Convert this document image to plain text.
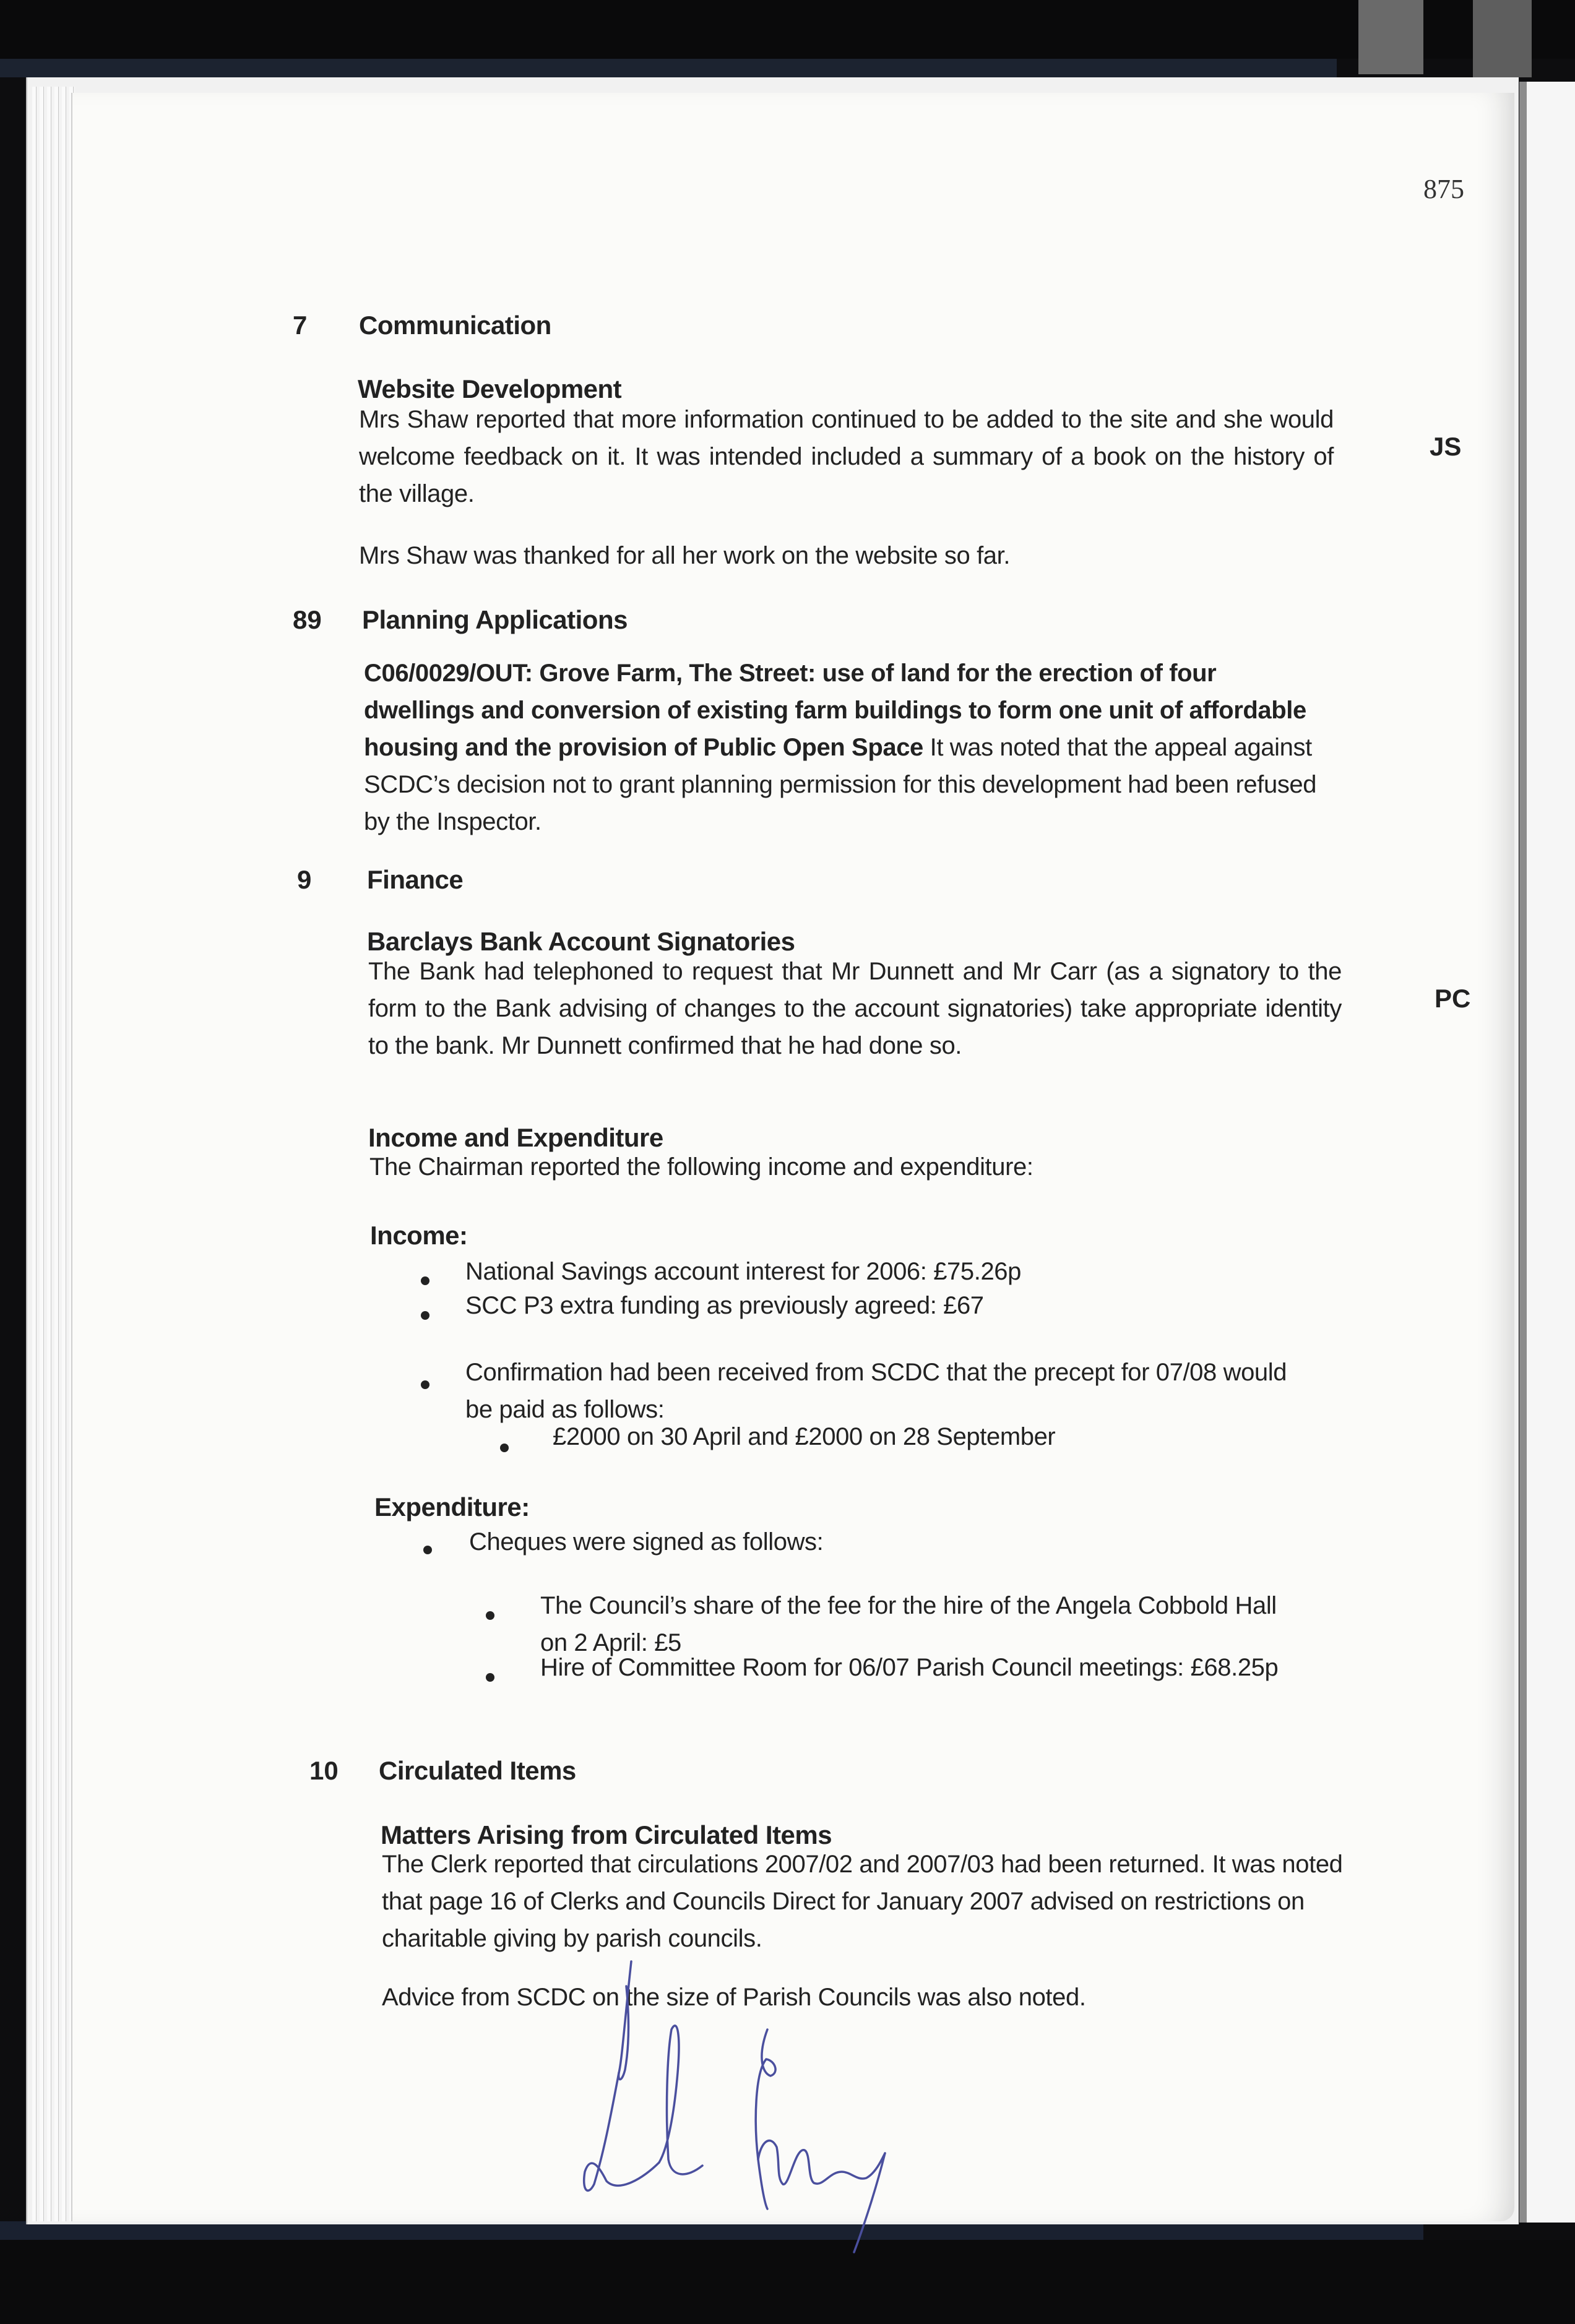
875
7 Communication
Website Development
Mrs Shaw reported that more information continued to be added to the site and she would welcome feedback on it. It was intended included a summary of a book on the history of the village.
JS
Mrs Shaw was thanked for all her work on the website so far.
89 Planning Applications
C06/0029/OUT: Grove Farm, The Street: use of land for the erection of four dwellings and conversion of existing farm buildings to form one unit of affordable housing and the provision of Public Open Space It was noted that the appeal against SCDC’s decision not to grant planning permission for this development had been refused by the Inspector.
9 Finance
Barclays Bank Account Signatories
The Bank had telephoned to request that Mr Dunnett and Mr Carr (as a signatory to the form to the Bank advising of changes to the account signatories) take appropriate identity to the bank. Mr Dunnett confirmed that he had done so.
PC
Income and Expenditure
The Chairman reported the following income and expenditure:
Income:
National Savings account interest for 2006: £75.26p
SCC P3 extra funding as previously agreed: £67
Confirmation had been received from SCDC that the precept for 07/08 would be paid as follows:
£2000 on 30 April and £2000 on 28 September
Expenditure:
Cheques were signed as follows:
The Council’s share of the fee for the hire of the Angela Cobbold Hall on 2 April: £5
Hire of Committee Room for 06/07 Parish Council meetings: £68.25p
10 Circulated Items
Matters Arising from Circulated Items
The Clerk reported that circulations 2007/02 and 2007/03 had been returned. It was noted that page 16 of Clerks and Councils Direct for January 2007 advised on restrictions on charitable giving by parish councils.
Advice from SCDC on the size of Parish Councils was also noted.
